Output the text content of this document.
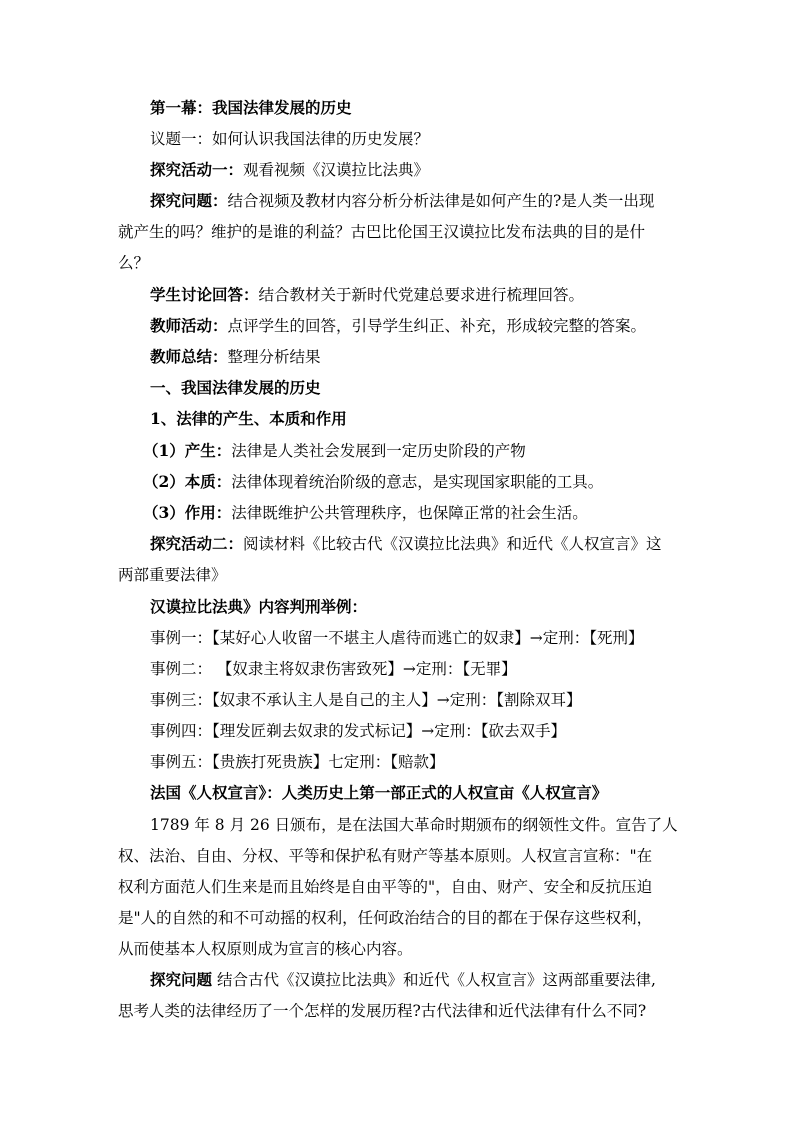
第一幕：我国法律发展的历史
议题一：如何认识我国法律的历史发展？
探究活动一：观看视频《汉谟拉比法典》
探究问题：结合视频及教材内容分析分析法律是如何产生的?是人类一出现
就产生的吗？维护的是谁的利益？古巴比伦国王汉谟拉比发布法典的目的是什
么？
学生讨论回答：结合教材关于新时代党建总要求进行梳理回答。
教师活动：点评学生的回答，引导学生纠正、补充，形成较完整的答案。
教师总结：整理分析结果
一、我国法律发展的历史
1、法律的产生、本质和作用
（1）产生：法律是人类社会发展到一定历史阶段的产物
（2）本质：法律体现着统治阶级的意志，是实现国家职能的工具。
（3）作用：法律既维护公共管理秩序，也保障正常的社会生活。
探究活动二：阅读材料《比较古代《汉谟拉比法典》和近代《人权宣言》这
两部重要法律》
汉谟拉比法典》内容判刑举例：
事例一：【某好心人收留一不堪主人虐待而逃亡的奴隶】→定刑：【死刑】
事例二： 【奴隶主将奴隶伤害致死】→定刑：【无罪】
事例三：【奴隶不承认主人是自己的主人】→定刑：【割除双耳】
事例四：【理发匠剃去奴隶的发式标记】→定刑：【砍去双手】
事例五：【贵族打死贵族】七定刑：【赔款】
法国《人权宣言》：人类历史上第一部正式的人权宣亩《人权宣言》
1789 年 8 月 26 日颁布，是在法国大革命时期颁布的纲领性文件。宣告了人
权、法治、自由、分权、平等和保护私有财产等基本原则。人权宣言宣称："在
权利方面范人们生来是而且始终是自由平等的"，自由、财产、安全和反抗压迫
是"人的自然的和不可动摇的权利，任何政治结合的目的都在于保存这些权利，
从而使基本人权原则成为宣言的核心内容。
探究问题 结合古代《汉谟拉比法典》和近代《人权宣言》这两部重要法律,
思考人类的法律经历了一个怎样的发展历程?古代法律和近代法律有什么不同?
